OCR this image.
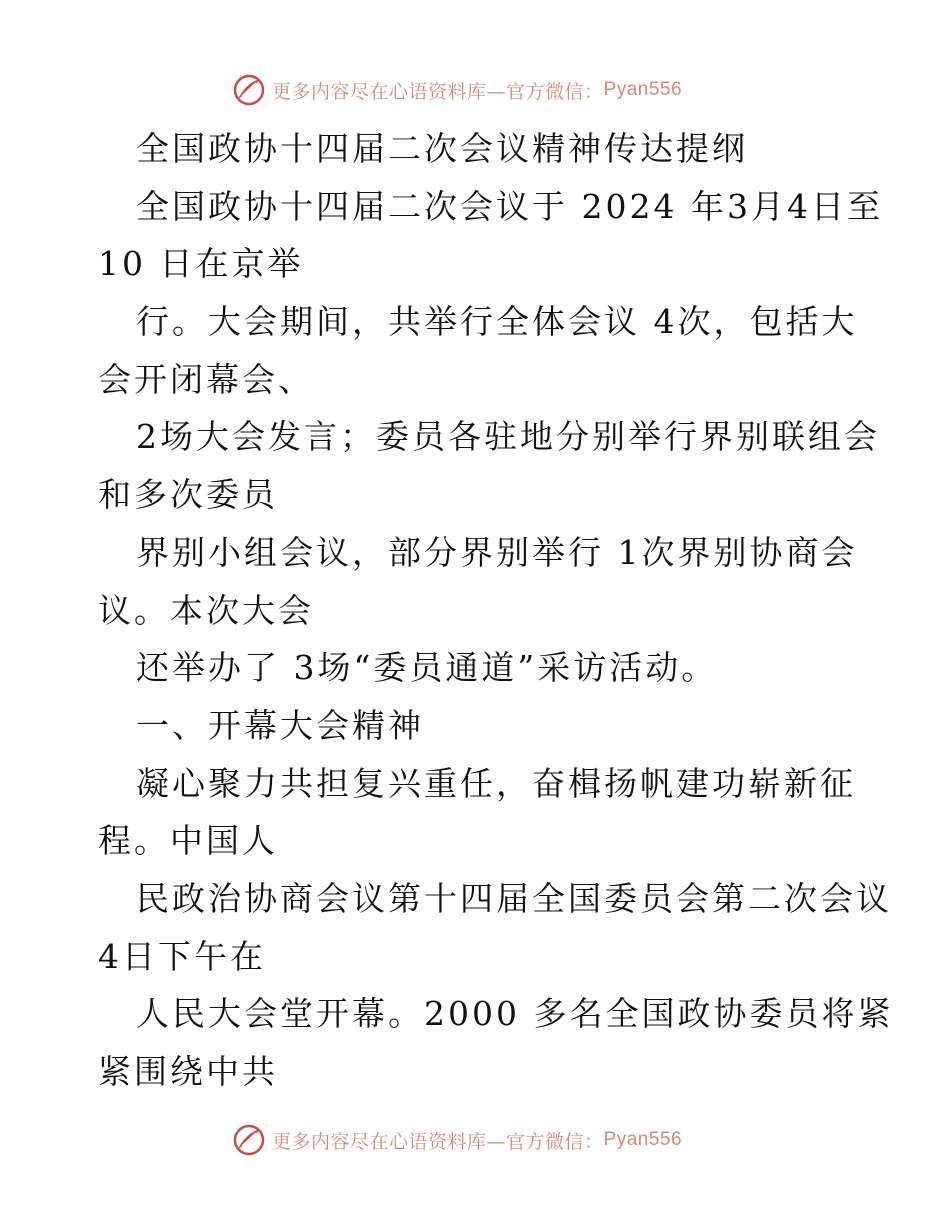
更多内容尽在心语资料库—官方微信： Pyan556
全国政协十四届二次会议精神传达提纲
全国政协十四届二次会议于 2024 年3月4日至
10 日在京举
行。大会期间，共举行全体会议 4次，包括大
会开闭幕会、
2场大会发言；委员各驻地分别举行界别联组会
和多次委员
界别小组会议，部分界别举行 1次界别协商会
议。本次大会
还举办了 3场“委员通道”采访活动。
一、开幕大会精神
凝心聚力共担复兴重任，奋楫扬帆建功崭新征
程。中国人
民政治协商会议第十四届全国委员会第二次会议
4日下午在
人民大会堂开幕。2000 多名全国政协委员将紧
紧围绕中共
更多内容尽在心语资料库—官方微信： Pyan556
